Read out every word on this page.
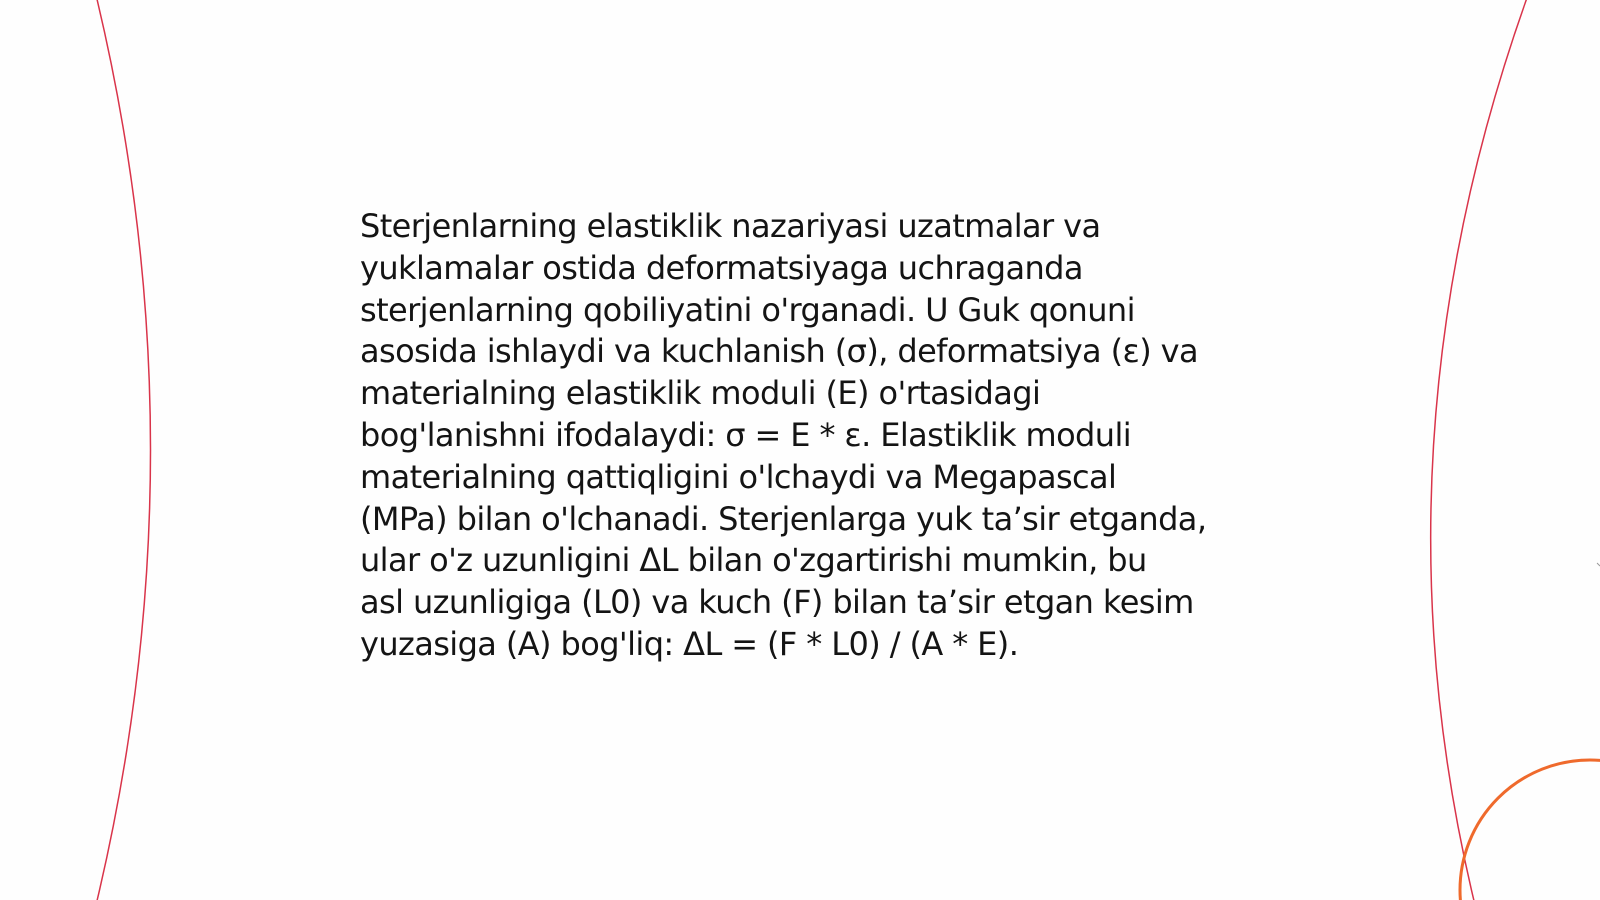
Sterjenlarning elastiklik nazariyasi uzatmalar va
yuklamalar ostida deformatsiyaga uchraganda
sterjenlarning qobiliyatini o'rganadi. U Guk qonuni
asosida ishlaydi va kuchlanish (σ), deformatsiya (ε) va
materialning elastiklik moduli (E) o'rtasidagi
bog'lanishni ifodalaydi: σ = E * ε. Elastiklik moduli
materialning qattiqligini o'lchaydi va Megapascal
(MPa) bilan o'lchanadi. Sterjenlarga yuk ta’sir etganda,
ular o'z uzunligini ΔL bilan o'zgartirishi mumkin, bu
asl uzunligiga (L0) va kuch (F) bilan ta’sir etgan kesim
yuzasiga (A) bog'liq: ΔL = (F * L0) / (A * E).
